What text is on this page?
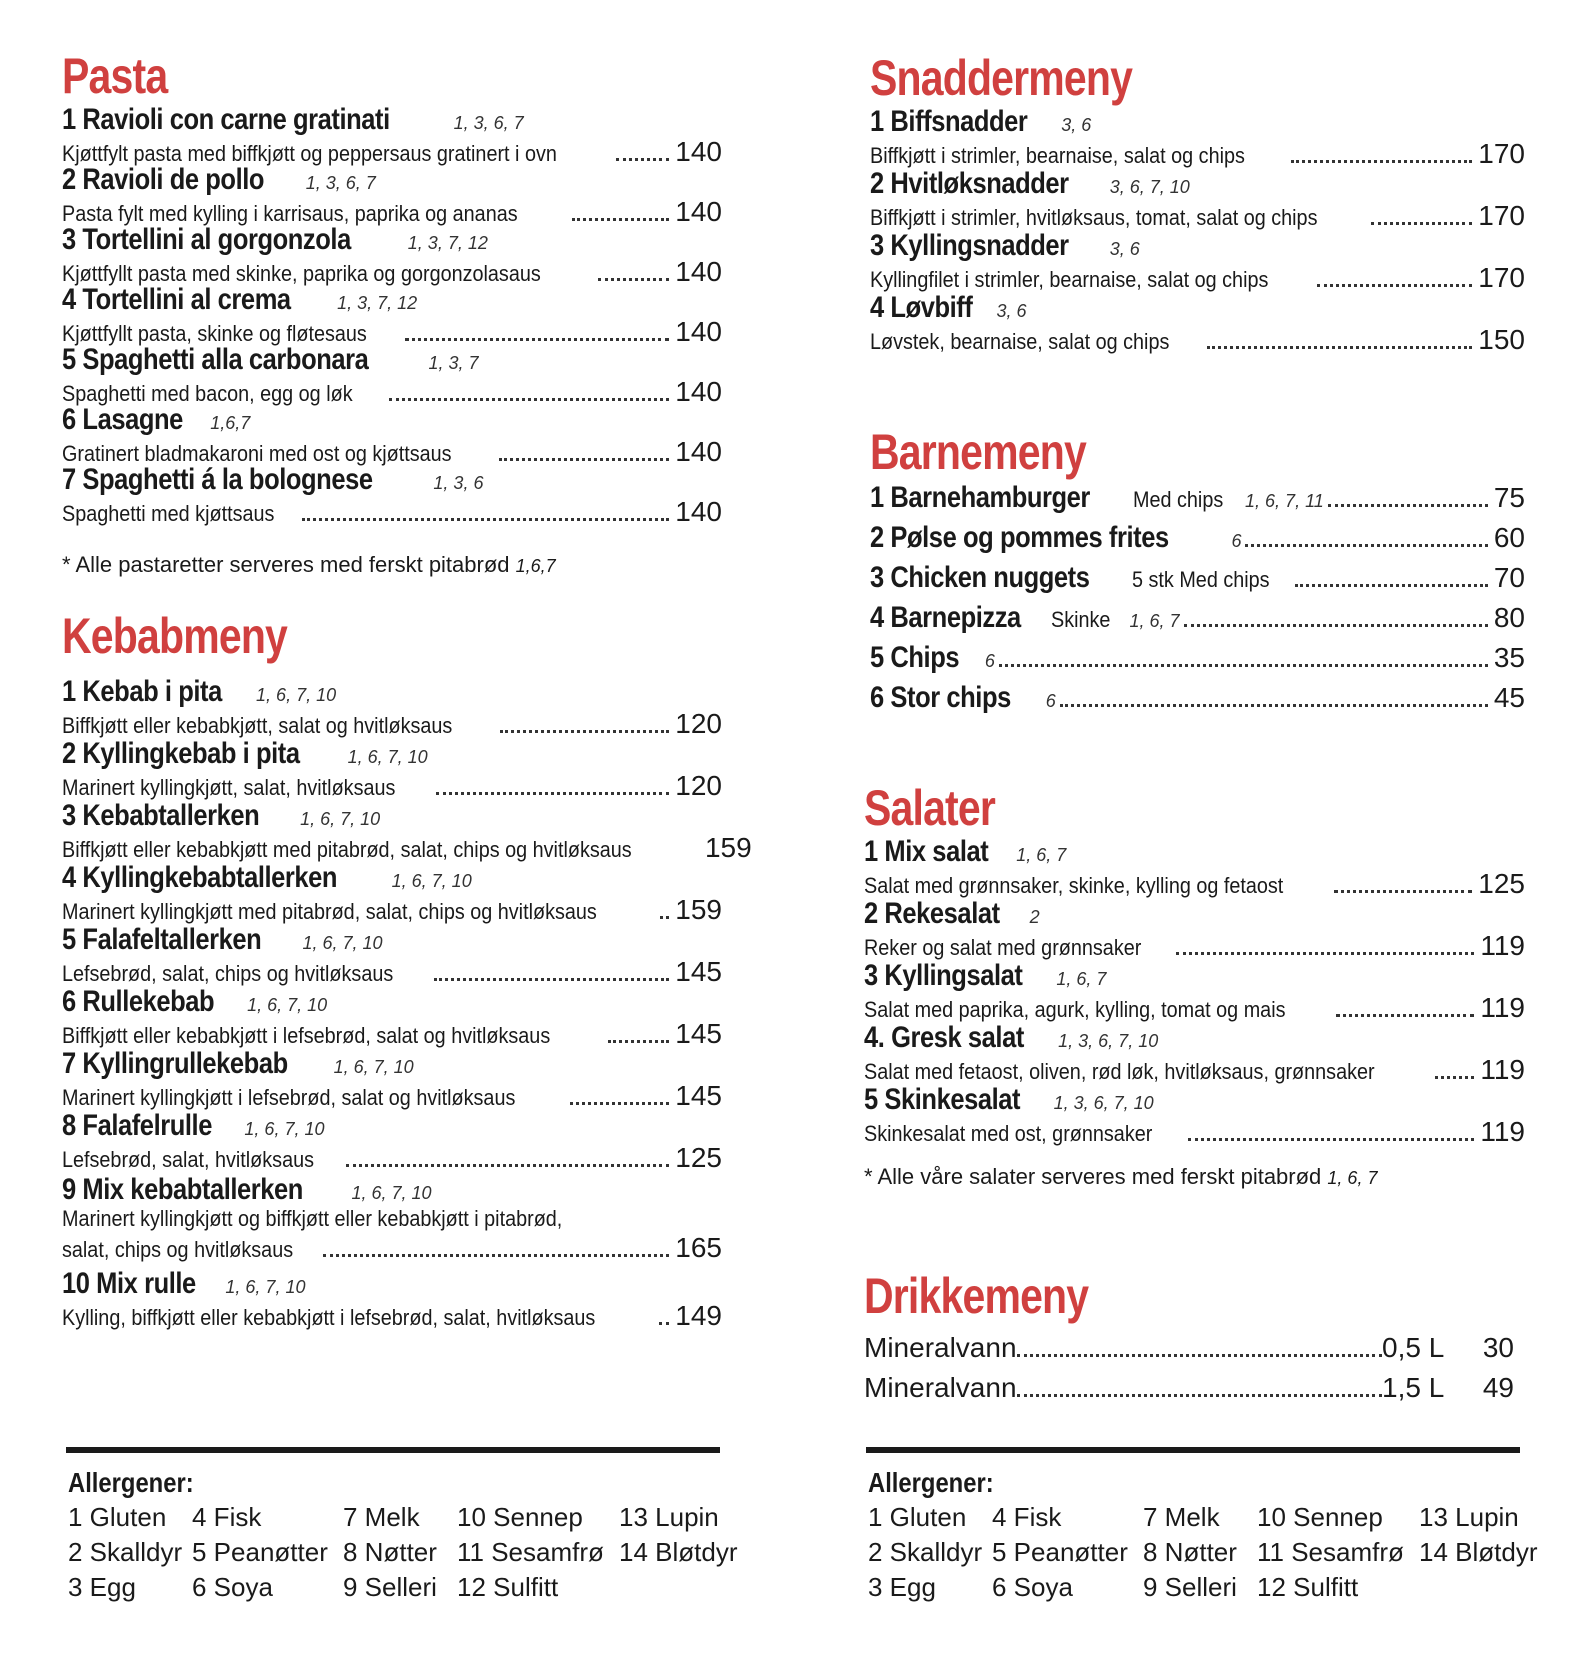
Pasta
1 Ravioli con carne gratinati	1, 3, 6, 7
Kjøttfylt pasta med biffkjøtt og peppersaus gratinert i ovn	140
2 Ravioli de pollo 1, 3, 6, 7
Pasta fylt med kylling i karrisaus, paprika og ananas	140
3 Tortellini al gorgonzola	1, 3, 7, 12
Kjøttfyllt pasta med skinke, paprika og gorgonzolasaus	140
4 Tortellini al crema	1, 3, 7, 12
Kjøttfyllt pasta, skinke og fløtesaus	140
5 Spaghetti alla carbonara	1, 3, 7
Spaghetti med bacon, egg og løk	140
6 Lasagne 1,6,7
Gratinert bladmakaroni med ost og kjøttsaus	140
7 Spaghetti á la bolognese	1, 3, 6
Spaghetti med kjøttsaus	140
* Alle pastaretter serveres med ferskt pitabrød 1,6,7
Kebabmeny
1 Kebab i pita 1, 6, 7, 10
Biffkjøtt eller kebabkjøtt, salat og hvitløksaus	120
2 Kyllingkebab i pita	1, 6, 7, 10
Marinert kyllingkjøtt, salat, hvitløksaus	120
3 Kebabtallerken 1, 6, 7, 10
Biffkjøtt eller kebabkjøtt med pitabrød, salat, chips og hvitløksaus	159
4 Kyllingkebabtallerken	1, 6, 7, 10
Marinert kyllingkjøtt med pitabrød, salat, chips og hvitløksaus	159
5 Falafeltallerken 1, 6, 7, 10
Lefsebrød, salat, chips og hvitløksaus	145
6 Rullekebab 1, 6, 7, 10
Biffkjøtt eller kebabkjøtt i lefsebrød, salat og hvitløksaus	145
7 Kyllingrullekebab	1, 6, 7, 10
Marinert kyllingkjøtt i lefsebrød, salat og hvitløksaus	145
8 Falafelrulle 1, 6, 7, 10
Lefsebrød, salat, hvitløksaus	125
9 Mix kebabtallerken	1, 6, 7, 10
Marinert kyllingkjøtt og biffkjøtt eller kebabkjøtt i pitabrød,
salat, chips og hvitløksaus	165
10 Mix rulle 1, 6, 7, 10
Kylling, biffkjøtt eller kebabkjøtt i lefsebrød, salat, hvitløksaus	149
Allergener:
1 Gluten
2 Skalldyr
3 Egg
4 Fisk
5 Peanøtter
6 Soya
7 Melk
8 Nøtter
9 Selleri
10 Sennep
11 Sesamfrø
12 Sulfitt
13 Lupin
14 Bløtdyr
Snaddermeny
1 Biffsnadder 3, 6
Biffkjøtt i strimler, bearnaise, salat og chips	170
2 Hvitløksnadder 3, 6, 7, 10
Biffkjøtt i strimler, hvitløksaus, tomat, salat og chips	170
3 Kyllingsnadder 3, 6
Kyllingfilet i strimler, bearnaise, salat og chips	170
4 Løvbiff 3, 6
Løvstek, bearnaise, salat og chips	150
Barnemeny
1 Barnehamburger Med chips 1, 6, 7, 11	75
2 Pølse og pommes frites	6	60
3 Chicken nuggets 5 stk Med chips	70
4 Barnepizza Skinke 1, 6, 7	80
5 Chips 6	35
6 Stor chips 6	45
Salater
1 Mix salat 1, 6, 7
Salat med grønnsaker, skinke, kylling og fetaost	125
2 Rekesalat 2
Reker og salat med grønnsaker	119
3 Kyllingsalat 1, 6, 7
Salat med paprika, agurk, kylling, tomat og mais	119
4. Gresk salat 1, 3, 6, 7, 10
Salat med fetaost, oliven, rød løk, hvitløksaus, grønnsaker	119
5 Skinkesalat 1, 3, 6, 7, 10
Skinkesalat med ost, grønnsaker	119
* Alle våre salater serveres med ferskt pitabrød 1, 6, 7
Drikkemeny
Mineralvann	0,5 L	30
Mineralvann	1,5 L	49
Allergener:
1 Gluten
2 Skalldyr
3 Egg
4 Fisk
5 Peanøtter
6 Soya
7 Melk
8 Nøtter
9 Selleri
10 Sennep
11 Sesamfrø
12 Sulfitt
13 Lupin
14 Bløtdyr
